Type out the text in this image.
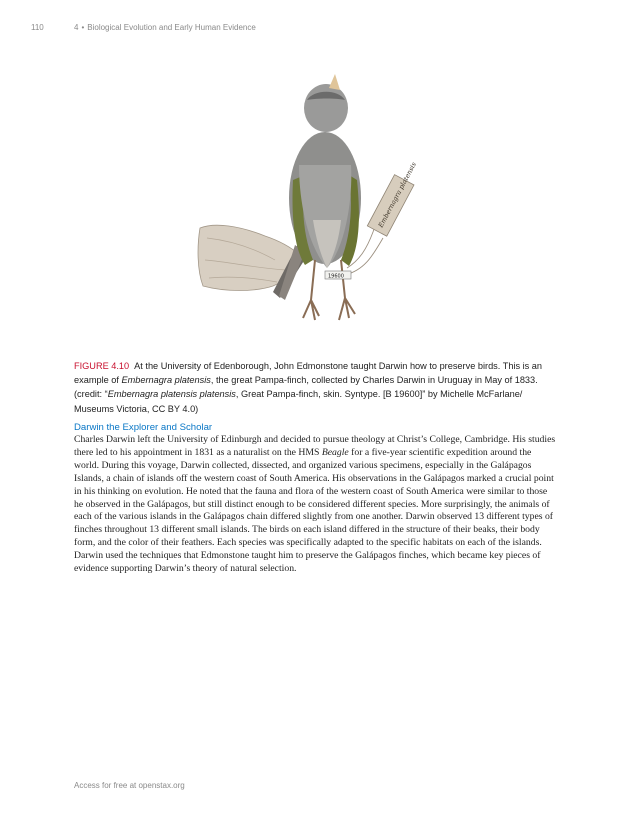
110	4 • Biological Evolution and Early Human Evidence
Embernagra platensis
19600
FIGURE 4.10 At the University of Edenborough, John Edmonstone taught Darwin how to preserve birds. This is an example of Embernagra platensis, the great Pampa-finch, collected by Charles Darwin in Uruguay in May of 1833. (credit: “Embernagra platensis platensis, Great Pampa-finch, skin. Syntype. [B 19600]” by Michelle McFarlane/ Museums Victoria, CC BY 4.0)
Darwin the Explorer and Scholar
Charles Darwin left the University of Edinburgh and decided to pursue theology at Christ’s College, Cambridge. His studies there led to his appointment in 1831 as a naturalist on the HMS Beagle for a five-year scientific expedition around the world. During this voyage, Darwin collected, dissected, and organized various specimens, especially in the Galápagos Islands, a chain of islands off the western coast of South America. His observations in the Galápagos marked a crucial point in his thinking on evolution. He noted that the fauna and flora of the western coast of South America were similar to those he observed in the Galápagos, but still distinct enough to be considered different species. More surprisingly, the animals of each of the various islands in the Galápagos chain differed slightly from one another. Darwin observed 13 different types of finches throughout 13 different small islands. The birds on each island differed in the structure of their beaks, their body form, and the color of their feathers. Each species was specifically adapted to the specific habitats on each of the islands. Darwin used the techniques that Edmonstone taught him to preserve the Galápagos finches, which became key pieces of evidence supporting Darwin’s theory of natural selection.
Access for free at openstax.org
